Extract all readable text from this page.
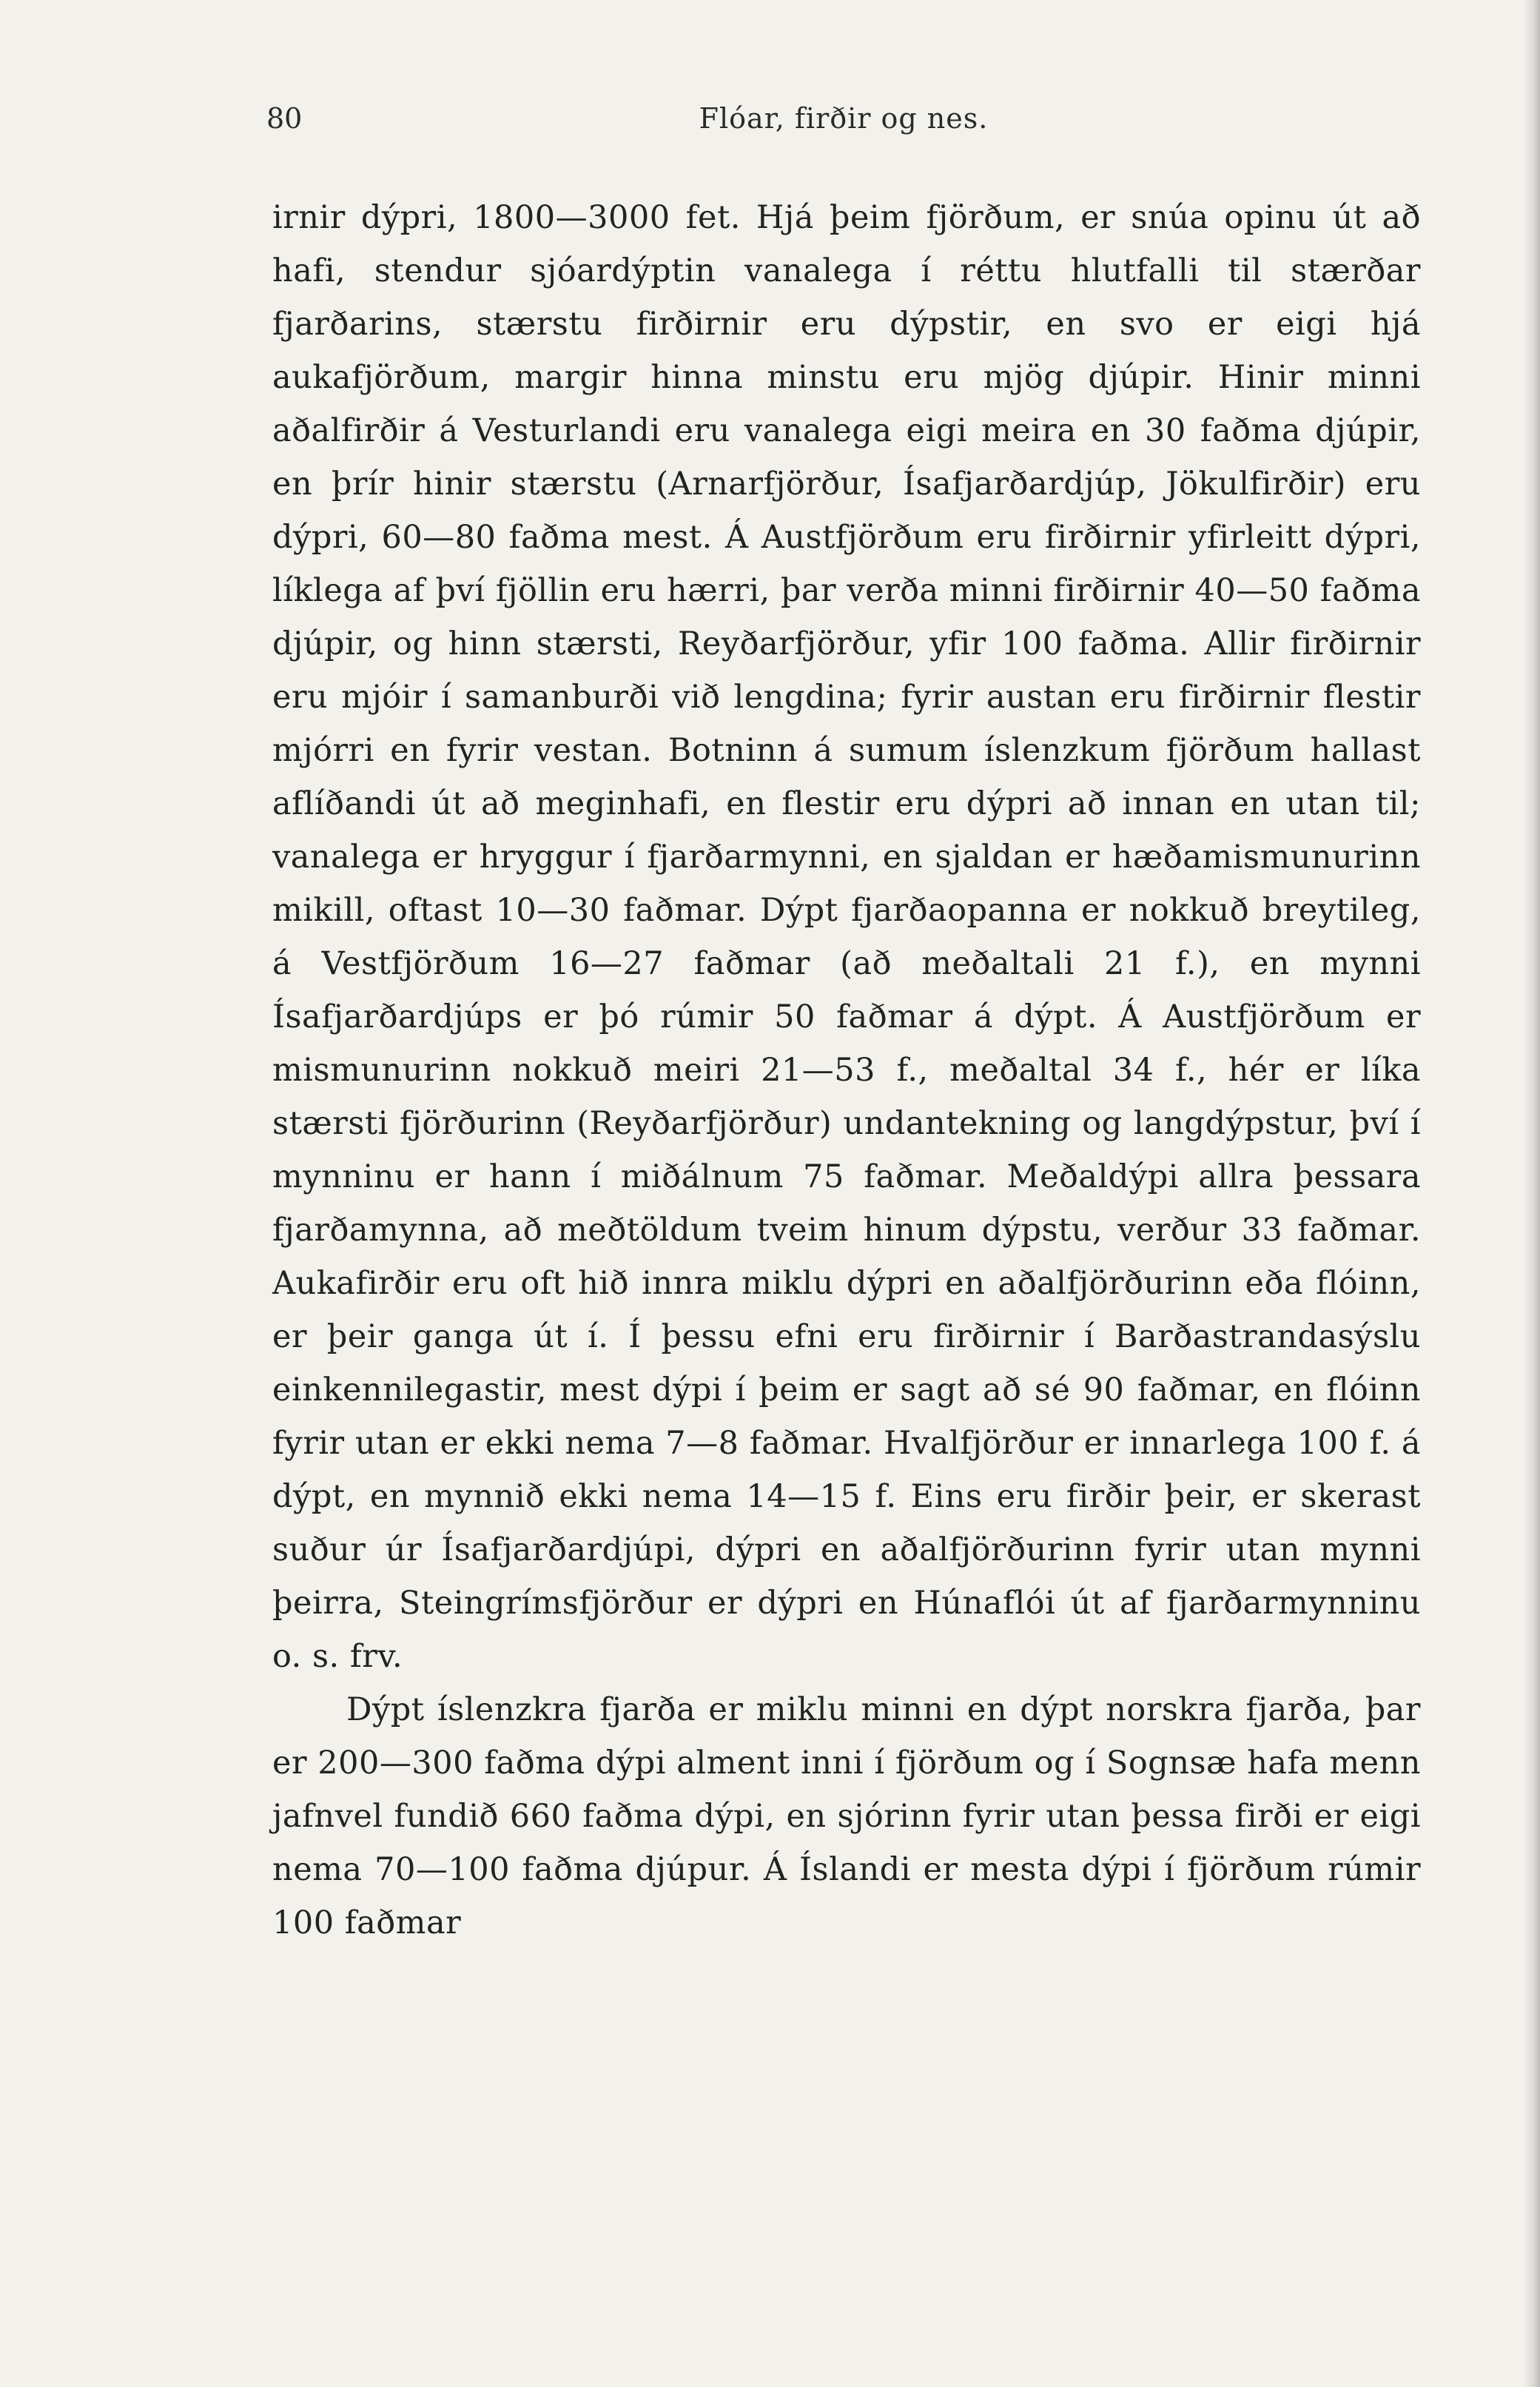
80	Flóar, firðir og nes.

irnir dýpri, 1800—3000 fet. Hjá þeim fjörðum, er snúa opinu út að hafi, stendur sjóardýptin vanalega í réttu hlutfalli til stærðar fjarðarins, stærstu firðirnir eru dýpstir, en svo er eigi hjá aukafjörðum, margir hinna minstu eru mjög djúpir. Hinir minni aðalfirðir á Vesturlandi eru vanalega eigi meira en 30 faðma djúpir, en þrír hinir stærstu (Arnarfjörður, Ísafjarðardjúp, Jökulfirðir) eru dýpri, 60—80 faðma mest. Á Austfjörðum eru firðirnir yfirleitt dýpri, líklega af því fjöllin eru hærri, þar verða minni firðirnir 40—50 faðma djúpir, og hinn stærsti, Reyðarfjörður, yfir 100 faðma. Allir firðirnir eru mjóir í samanburði við lengdina; fyrir austan eru firðirnir flestir mjórri en fyrir vestan. Botninn á sumum íslenzkum fjörðum hallast aflíðandi út að meginhafi, en flestir eru dýpri að innan en utan til; vanalega er hryggur í fjarðarmynni, en sjaldan er hæðamismunurinn mikill, oftast 10—30 faðmar. Dýpt fjarðaopanna er nokkuð breytileg, á Vestfjörðum 16—27 faðmar (að meðaltali 21 f.), en mynni Ísafjarðardjúps er þó rúmir 50 faðmar á dýpt. Á Austfjörðum er mismunurinn nokkuð meiri 21—53 f., meðaltal 34 f., hér er líka stærsti fjörðurinn (Reyðarfjörður) undantekning og langdýpstur, því í mynninu er hann í miðálnum 75 faðmar. Meðaldýpi allra þessara fjarðamynna, að meðtöldum tveim hinum dýpstu, verður 33 faðmar. Aukafirðir eru oft hið innra miklu dýpri en aðalfjörðurinn eða flóinn, er þeir ganga út í. Í þessu efni eru firðirnir í Barðastrandasýslu einkennilegastir, mest dýpi í þeim er sagt að sé 90 faðmar, en flóinn fyrir utan er ekki nema 7—8 faðmar. Hvalfjörður er innarlega 100 f. á dýpt, en mynnið ekki nema 14—15 f. Eins eru firðir þeir, er skerast suður úr Ísafjarðardjúpi, dýpri en aðalfjörðurinn fyrir utan mynni þeirra, Steingrímsfjörður er dýpri en Húnaflói út af fjarðarmynninu o. s. frv.

Dýpt íslenzkra fjarða er miklu minni en dýpt norskra fjarða, þar er 200—300 faðma dýpi alment inni í fjörðum og í Sognsæ hafa menn jafnvel fundið 660 faðma dýpi, en sjórinn fyrir utan þessa firði er eigi nema 70—100 faðma djúpur. Á Íslandi er mesta dýpi í fjörðum rúmir 100 faðmar
